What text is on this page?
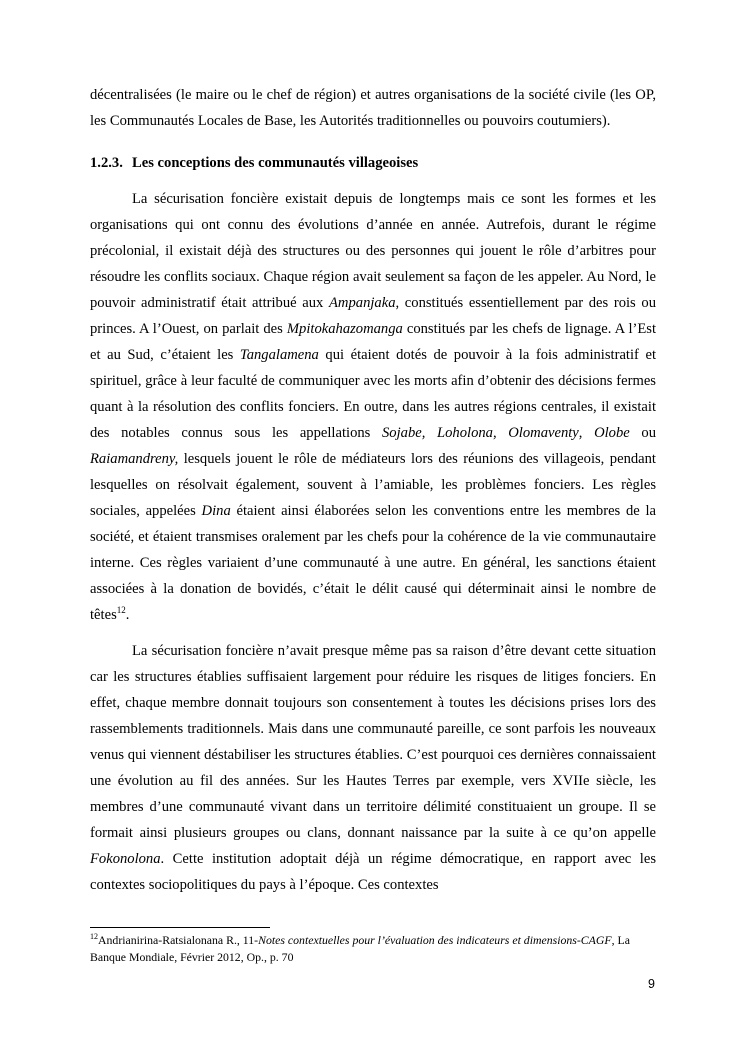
décentralisées (le maire ou le chef de région) et autres organisations de la société civile (les OP, les Communautés Locales de Base, les Autorités traditionnelles ou pouvoirs coutumiers).

1.2.3. Les conceptions des communautés villageoises

La sécurisation foncière existait depuis de longtemps mais ce sont les formes et les organisations qui ont connu des évolutions d’année en année. Autrefois, durant le régime précolonial, il existait déjà des structures ou des personnes qui jouent le rôle d’arbitres pour résoudre les conflits sociaux. Chaque région avait seulement sa façon de les appeler. Au Nord, le pouvoir administratif était attribué aux Ampanjaka, constitués essentiellement par des rois ou princes. A l’Ouest, on parlait des Mpitokahazomanga constitués par les chefs de lignage. A l’Est et au Sud, c’étaient les Tangalamena qui étaient dotés de pouvoir à la fois administratif et spirituel, grâce à leur faculté de communiquer avec les morts afin d’obtenir des décisions fermes quant à la résolution des conflits fonciers. En outre, dans les autres régions centrales, il existait des notables connus sous les appellations Sojabe, Loholona, Olomaventy, Olobe ou Raiamandreny, lesquels jouent le rôle de médiateurs lors des réunions des villageois, pendant lesquelles on résolvait également, souvent à l’amiable, les problèmes fonciers. Les règles sociales, appelées Dina étaient ainsi élaborées selon les conventions entre les membres de la société, et étaient transmises oralement par les chefs pour la cohérence de la vie communautaire interne. Ces règles variaient d’une communauté à une autre. En général, les sanctions étaient associées à la donation de bovidés, c’était le délit causé qui déterminait ainsi le nombre de têtes$^{12}$.

La sécurisation foncière n’avait presque même pas sa raison d’être devant cette situation car les structures établies suffisaient largement pour réduire les risques de litiges fonciers. En effet, chaque membre donnait toujours son consentement à toutes les décisions prises lors des rassemblements traditionnels. Mais dans une communauté pareille, ce sont parfois les nouveaux venus qui viennent déstabiliser les structures établies. C’est pourquoi ces dernières connaissaient une évolution au fil des années. Sur les Hautes Terres par exemple, vers XVIIe siècle, les membres d’une communauté vivant dans un territoire délimité constituaient un groupe. Il se formait ainsi plusieurs groupes ou clans, donnant naissance par la suite à ce qu’on appelle Fokonolona. Cette institution adoptait déjà un régime démocratique, en rapport avec les contextes sociopolitiques du pays à l’époque. Ces contextes

$^{12}$Andrianirina-Ratsialonana R., 11-Notes contextuelles pour l’évaluation des indicateurs et dimensions-CAGF, La Banque Mondiale, Février 2012, Op., p. 70
9
